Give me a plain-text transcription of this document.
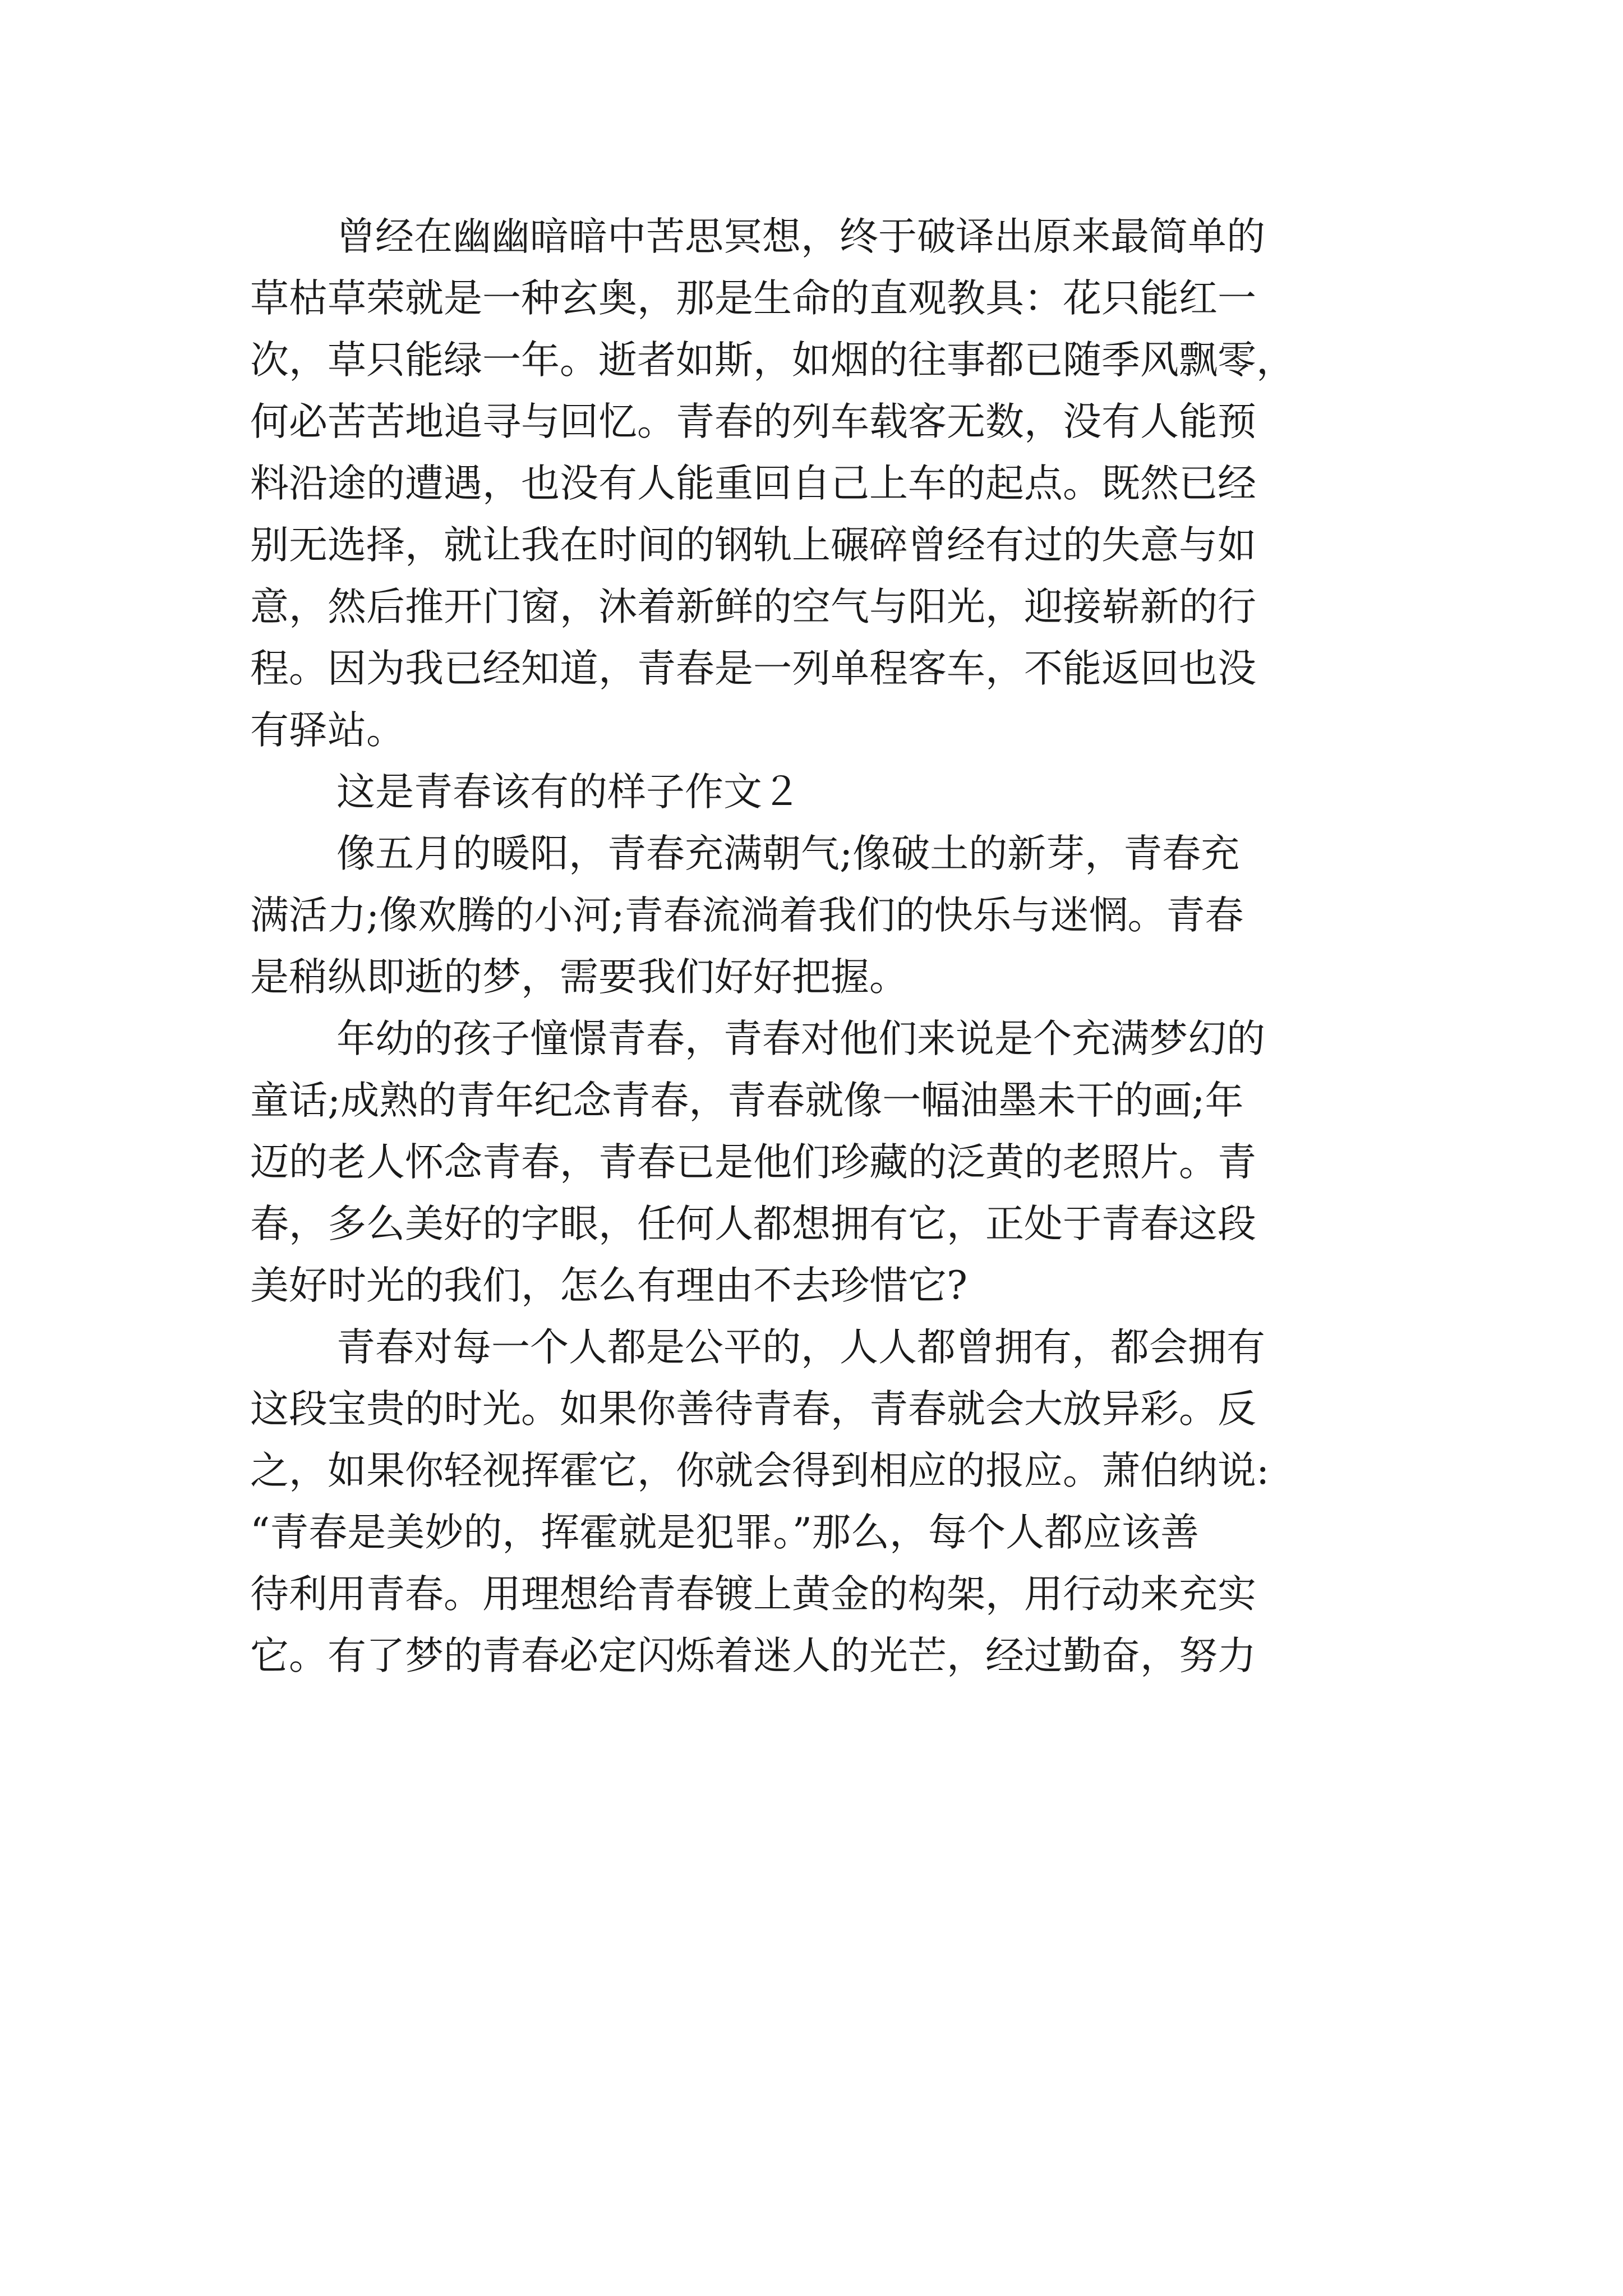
曾经在幽幽暗暗中苦思冥想，终于破译出原来最简单的
草枯草荣就是一种玄奥，那是生命的直观教具：花只能红一
次，草只能绿一年。逝者如斯，如烟的往事都已随季风飘零，
何必苦苦地追寻与回忆。青春的列车载客无数，没有人能预
料沿途的遭遇，也没有人能重回自己上车的起点。既然已经
别无选择，就让我在时间的钢轨上碾碎曾经有过的失意与如
意，然后推开门窗，沐着新鲜的空气与阳光，迎接崭新的行
程。因为我已经知道，青春是一列单程客车，不能返回也没
有驿站。
这是青春该有的样子作文２
像五月的暖阳，青春充满朝气;像破土的新芽，青春充
满活力;像欢腾的小河;青春流淌着我们的快乐与迷惘。青春
是稍纵即逝的梦，需要我们好好把握。
年幼的孩子憧憬青春，青春对他们来说是个充满梦幻的
童话;成熟的青年纪念青春，青春就像一幅油墨未干的画;年
迈的老人怀念青春，青春已是他们珍藏的泛黄的老照片。青
春，多么美好的字眼，任何人都想拥有它，正处于青春这段
美好时光的我们，怎么有理由不去珍惜它?
青春对每一个人都是公平的，人人都曾拥有，都会拥有
这段宝贵的时光。如果你善待青春，青春就会大放异彩。反
之，如果你轻视挥霍它，你就会得到相应的报应。萧伯纳说:
“青春是美妙的，挥霍就是犯罪。”那么，每个人都应该善
待利用青春。用理想给青春镀上黄金的构架，用行动来充实
它。有了梦的青春必定闪烁着迷人的光芒，经过勤奋，努力
